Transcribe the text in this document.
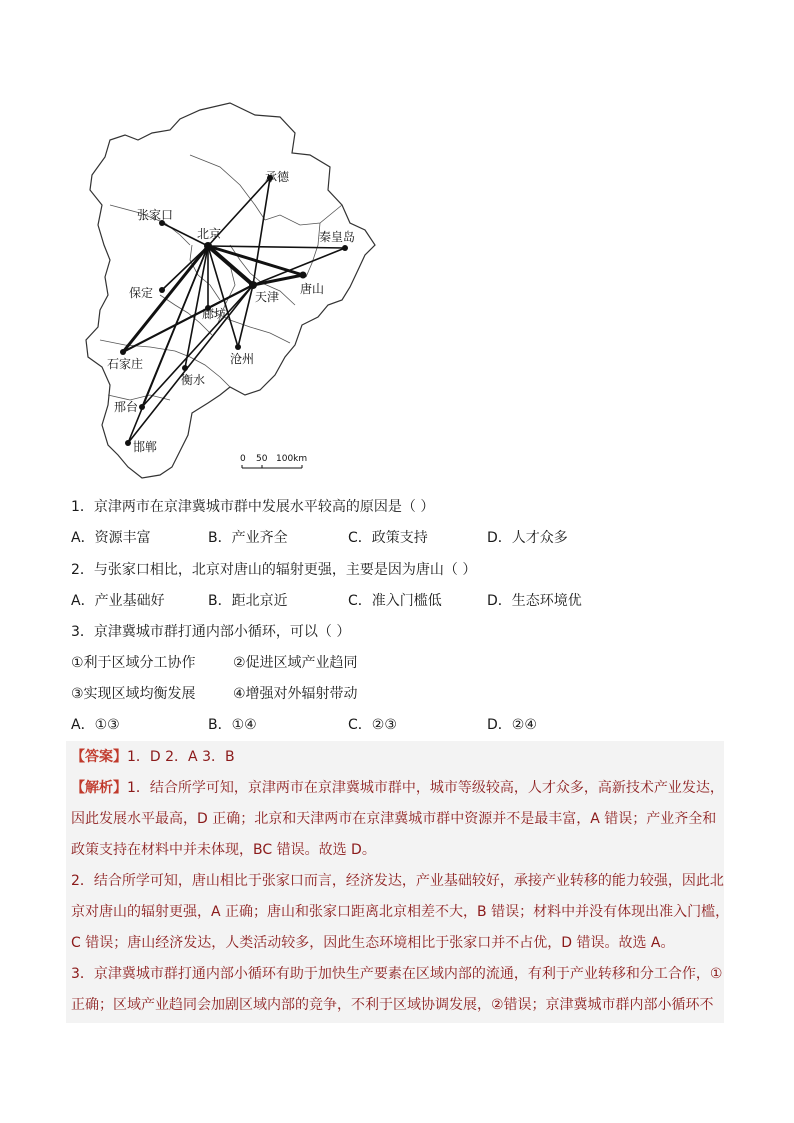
承德
张家口
北京	秦皇岛
唐山
保定	天津
廊坊
石家庄	沧州
衡水
邢台
邯郸
0 50 100km
1．京津两市在京津冀城市群中发展水平较高的原因是（ ）
A．资源丰富	B．产业齐全	C．政策支持	D．人才众多
2．与张家口相比，北京对唐山的辐射更强，主要是因为唐山（ ）
A．产业基础好	B．距北京近	C．准入门槛低	D．生态环境优
3．京津冀城市群打通内部小循环，可以（ ）
①利于区域分工协作	②促进区域产业趋同
③实现区域均衡发展	④增强对外辐射带动
A．①③	B．①④	C．②③	D．②④
【答案】1．D 2．A 3．B
【解析】1．结合所学可知，京津两市在京津冀城市群中，城市等级较高，人才众多，高新技术产业发达，
因此发展水平最高，D 正确；北京和天津两市在京津冀城市群中资源并不是最丰富，A 错误；产业齐全和
政策支持在材料中并未体现，BC 错误。故选 D。
2．结合所学可知，唐山相比于张家口而言，经济发达，产业基础较好，承接产业转移的能力较强，因此北
京对唐山的辐射更强，A 正确；唐山和张家口距离北京相差不大，B 错误；材料中并没有体现出准入门槛，
C 错误；唐山经济发达，人类活动较多，因此生态环境相比于张家口并不占优，D 错误。故选 A。
3．京津冀城市群打通内部小循环有助于加快生产要素在区域内部的流通，有利于产业转移和分工合作，①
正确；区域产业趋同会加剧区域内部的竞争，不利于区域协调发展，②错误；京津冀城市群内部小循环不
